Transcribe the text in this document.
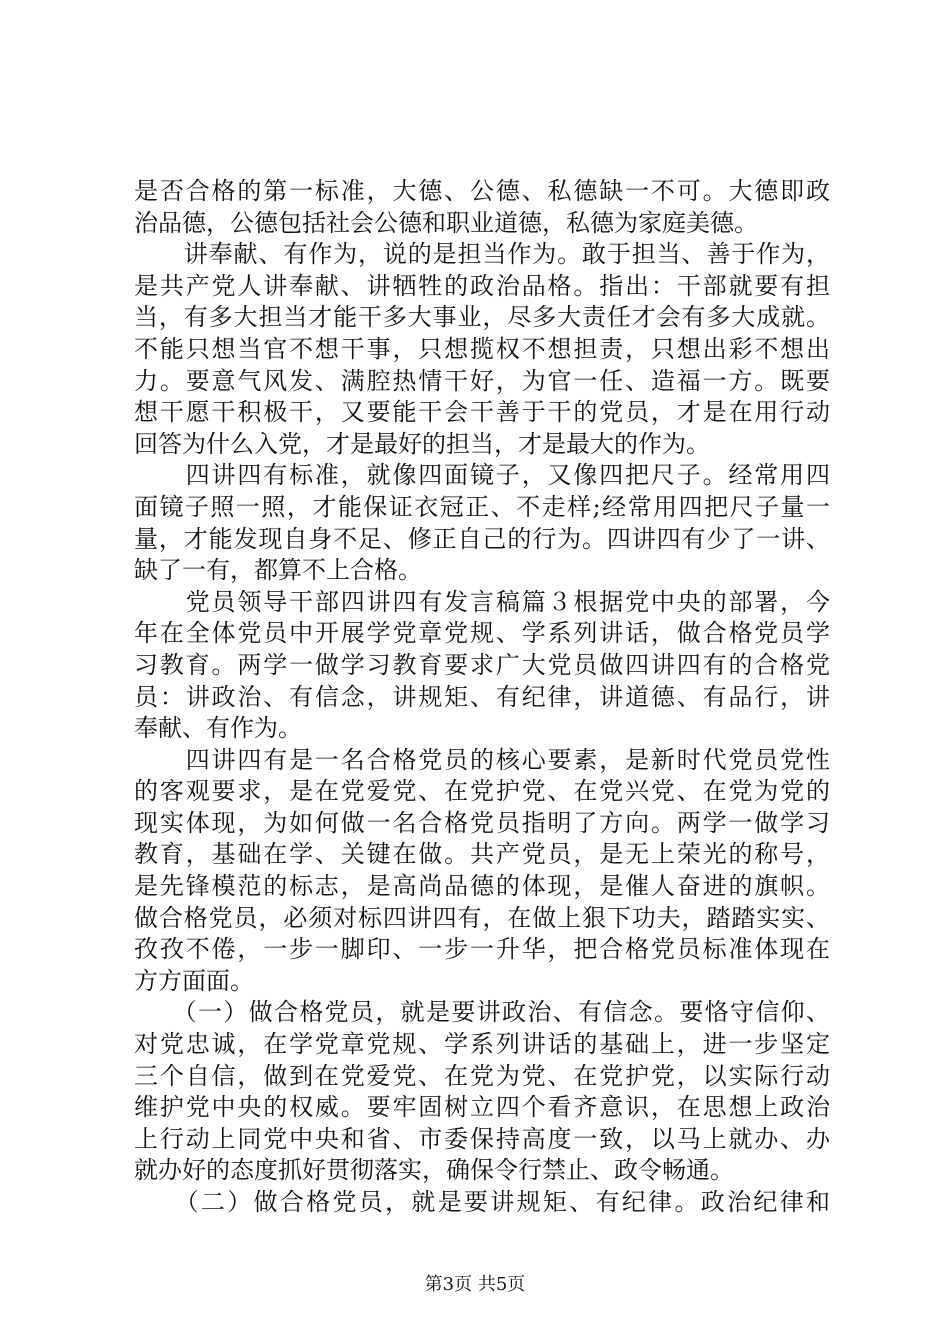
是否合格的第一标准，大德、公德、私德缺一不可。大德即政
治品德，公德包括社会公德和职业道德，私德为家庭美德。
　　讲奉献、有作为，说的是担当作为。敢于担当、善于作为，
是共产党人讲奉献、讲牺牲的政治品格。指出：干部就要有担
当，有多大担当才能干多大事业，尽多大责任才会有多大成就。
不能只想当官不想干事，只想揽权不想担责，只想出彩不想出
力。要意气风发、满腔热情干好，为官一任、造福一方。既要
想干愿干积极干，又要能干会干善于干的党员，才是在用行动
回答为什么入党，才是最好的担当，才是最大的作为。
　　四讲四有标准，就像四面镜子，又像四把尺子。经常用四
面镜子照一照，才能保证衣冠正、不走样;经常用四把尺子量一
量，才能发现自身不足、修正自己的行为。四讲四有少了一讲、
缺了一有，都算不上合格。
　　党员领导干部四讲四有发言稿篇３根据党中央的部署，今
年在全体党员中开展学党章党规、学系列讲话，做合格党员学
习教育。两学一做学习教育要求广大党员做四讲四有的合格党
员：讲政治、有信念，讲规矩、有纪律，讲道德、有品行，讲
奉献、有作为。
　　四讲四有是一名合格党员的核心要素，是新时代党员党性
的客观要求，是在党爱党、在党护党、在党兴党、在党为党的
现实体现，为如何做一名合格党员指明了方向。两学一做学习
教育，基础在学、关键在做。共产党员，是无上荣光的称号，
是先锋模范的标志，是高尚品德的体现，是催人奋进的旗帜。
做合格党员，必须对标四讲四有，在做上狠下功夫，踏踏实实、
孜孜不倦，一步一脚印、一步一升华，把合格党员标准体现在
方方面面。
　　（一）做合格党员，就是要讲政治、有信念。要恪守信仰、
对党忠诚，在学党章党规、学系列讲话的基础上，进一步坚定
三个自信，做到在党爱党、在党为党、在党护党，以实际行动
维护党中央的权威。要牢固树立四个看齐意识，在思想上政治
上行动上同党中央和省、市委保持高度一致，以马上就办、办
就办好的态度抓好贯彻落实，确保令行禁止、政令畅通。
　　（二）做合格党员，就是要讲规矩、有纪律。政治纪律和
第3页 共5页
